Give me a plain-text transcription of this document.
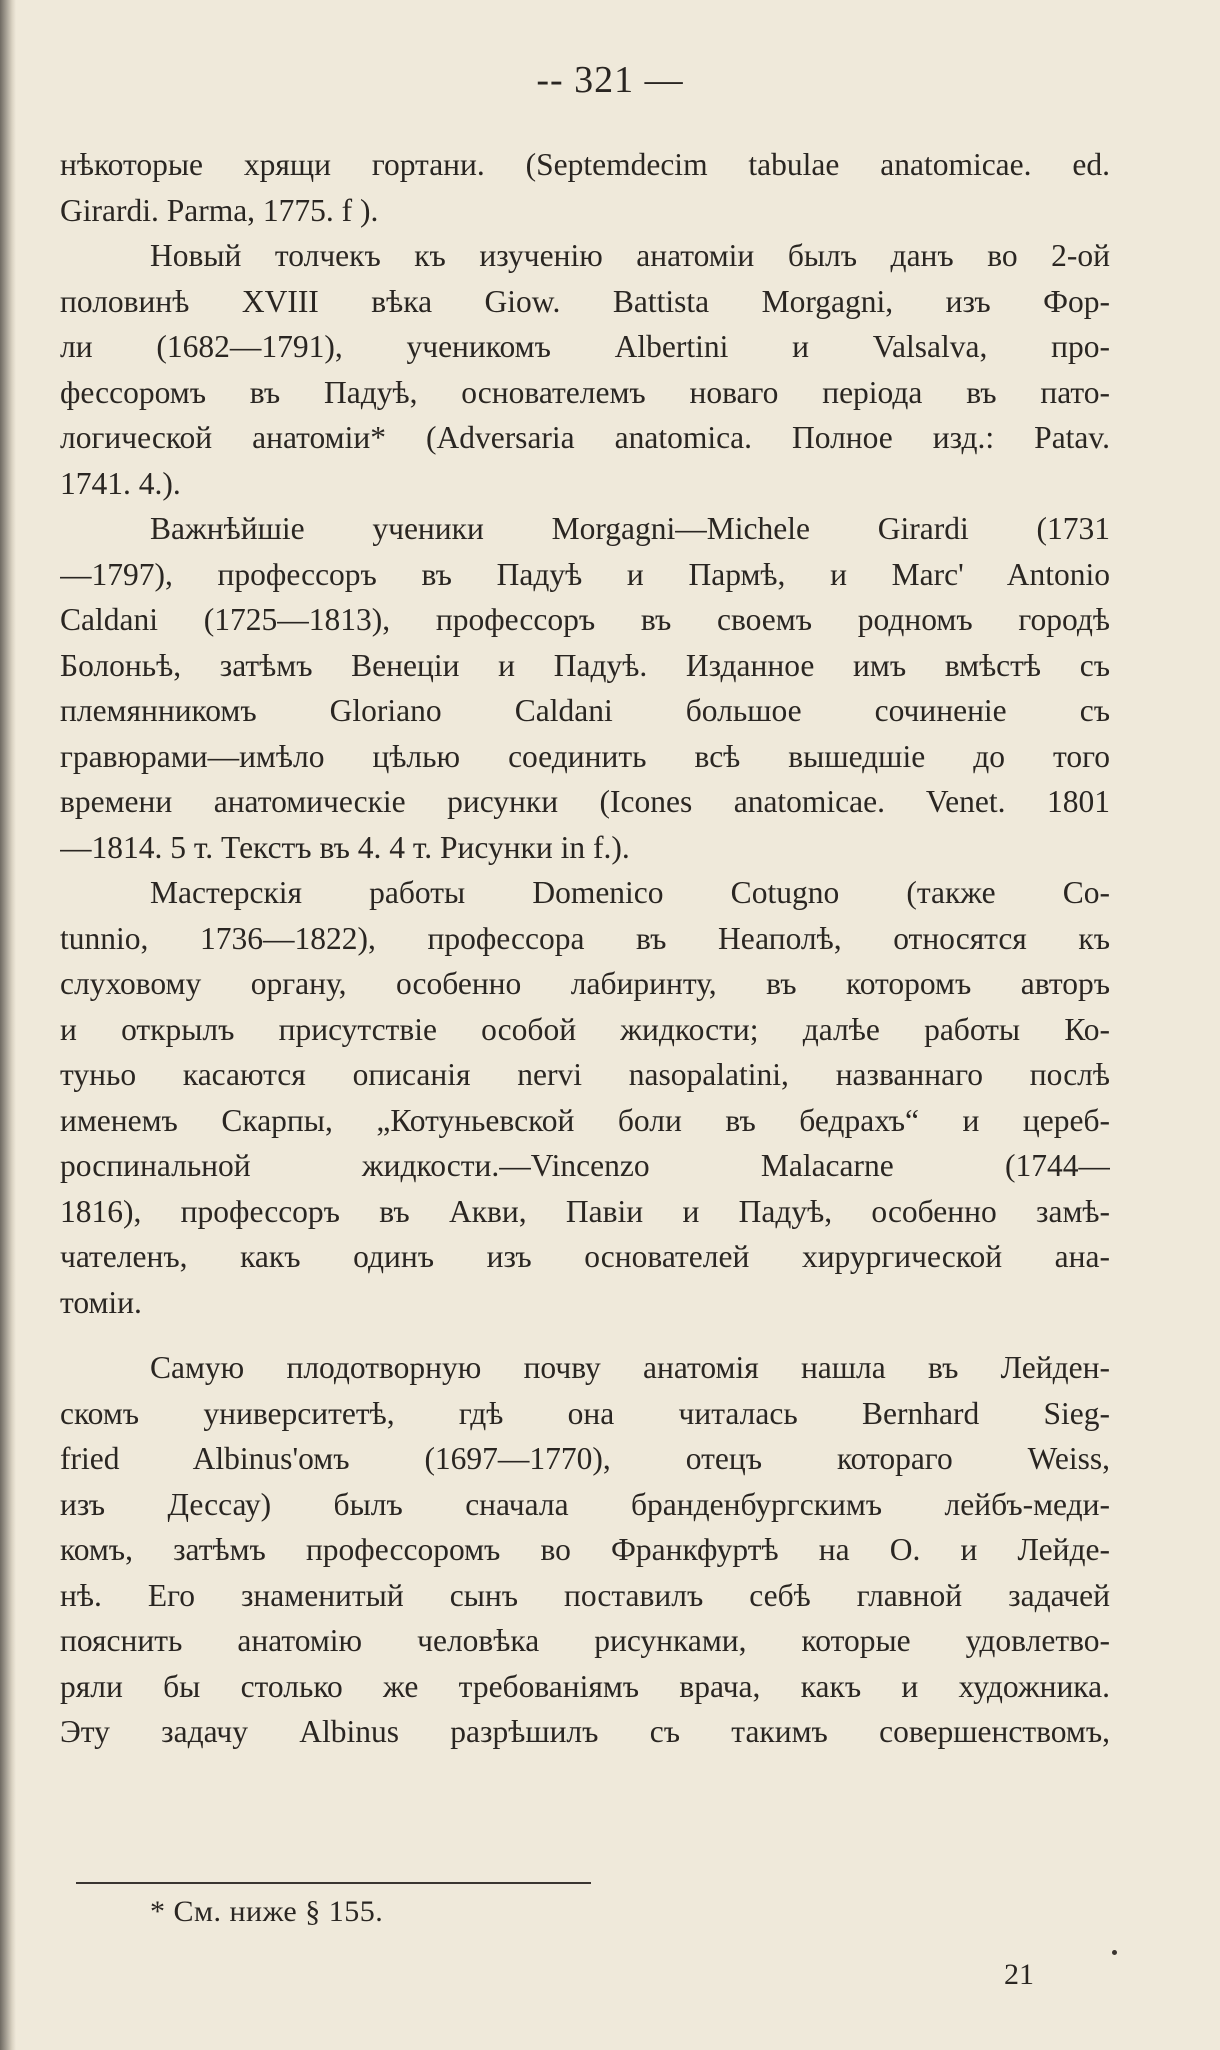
-- 321 —
нѣкоторые хрящи гортани. (Septemdecim tabulae anatomicae. ed.
Girardi. Parma, 1775. f ).
Новый толчекъ къ изученію анатоміи былъ данъ во 2-ой
половинѣ XVIII вѣка Giow. Battista Morgagni, изъ Фор-
ли (1682—1791), ученикомъ Albertini и Valsalva, про-
фессоромъ въ Падуѣ, основателемъ новаго періода въ пато-
логической анатоміи* (Adversaria anatomica. Полное изд.: Patav.
1741. 4.).
Важнѣйшіе ученики Morgagni—Michele Girardi (1731
—1797), профессоръ въ Падуѣ и Пармѣ, и Marc' Antonio
Caldani (1725—1813), профессоръ въ своемъ родномъ городѣ
Болоньѣ, затѣмъ Венеціи и Падуѣ. Изданное имъ вмѣстѣ съ
племянникомъ Gloriano Caldani большое сочиненіе съ
гравюрами—имѣло цѣлью соединить всѣ вышедшіе до того
времени анатомическіе рисунки (Icones anatomicae. Venet. 1801
—1814. 5 т. Текстъ въ 4. 4 т. Рисунки in f.).
Мастерскія работы Domenico Cotugno (также Co-
tunnio, 1736—1822), профессора въ Неаполѣ, относятся къ
слуховому органу, особенно лабиринту, въ которомъ авторъ
и открылъ присутствіе особой жидкости; далѣе работы Ко-
туньо касаются описанія nervi nasopalatini, названнаго послѣ
именемъ Скарпы, „Котуньевской боли въ бедрахъ“ и цереб-
роспинальной жидкости.—Vincenzo Malacarne (1744—
1816), профессоръ въ Акви, Павіи и Падуѣ, особенно замѣ-
чателенъ, какъ одинъ изъ основателей хирургической ана-
томіи.
Самую плодотворную почву анатомія нашла въ Лейден-
скомъ университетѣ, гдѣ она читалась Bernhard Sieg-
fried Albinus'омъ (1697—1770), отецъ котораго Weiss,
изъ Дессау) былъ сначала бранденбургскимъ лейбъ-меди-
комъ, затѣмъ профессоромъ во Франкфуртѣ на О. и Лейде-
нѣ. Его знаменитый сынъ поставилъ себѣ главной задачей
пояснить анатомію человѣка рисунками, которые удовлетво-
ряли бы столько же требованіямъ врача, какъ и художника.
Эту задачу Albinus разрѣшилъ съ такимъ совершенствомъ,
* См. ниже § 155.
21
